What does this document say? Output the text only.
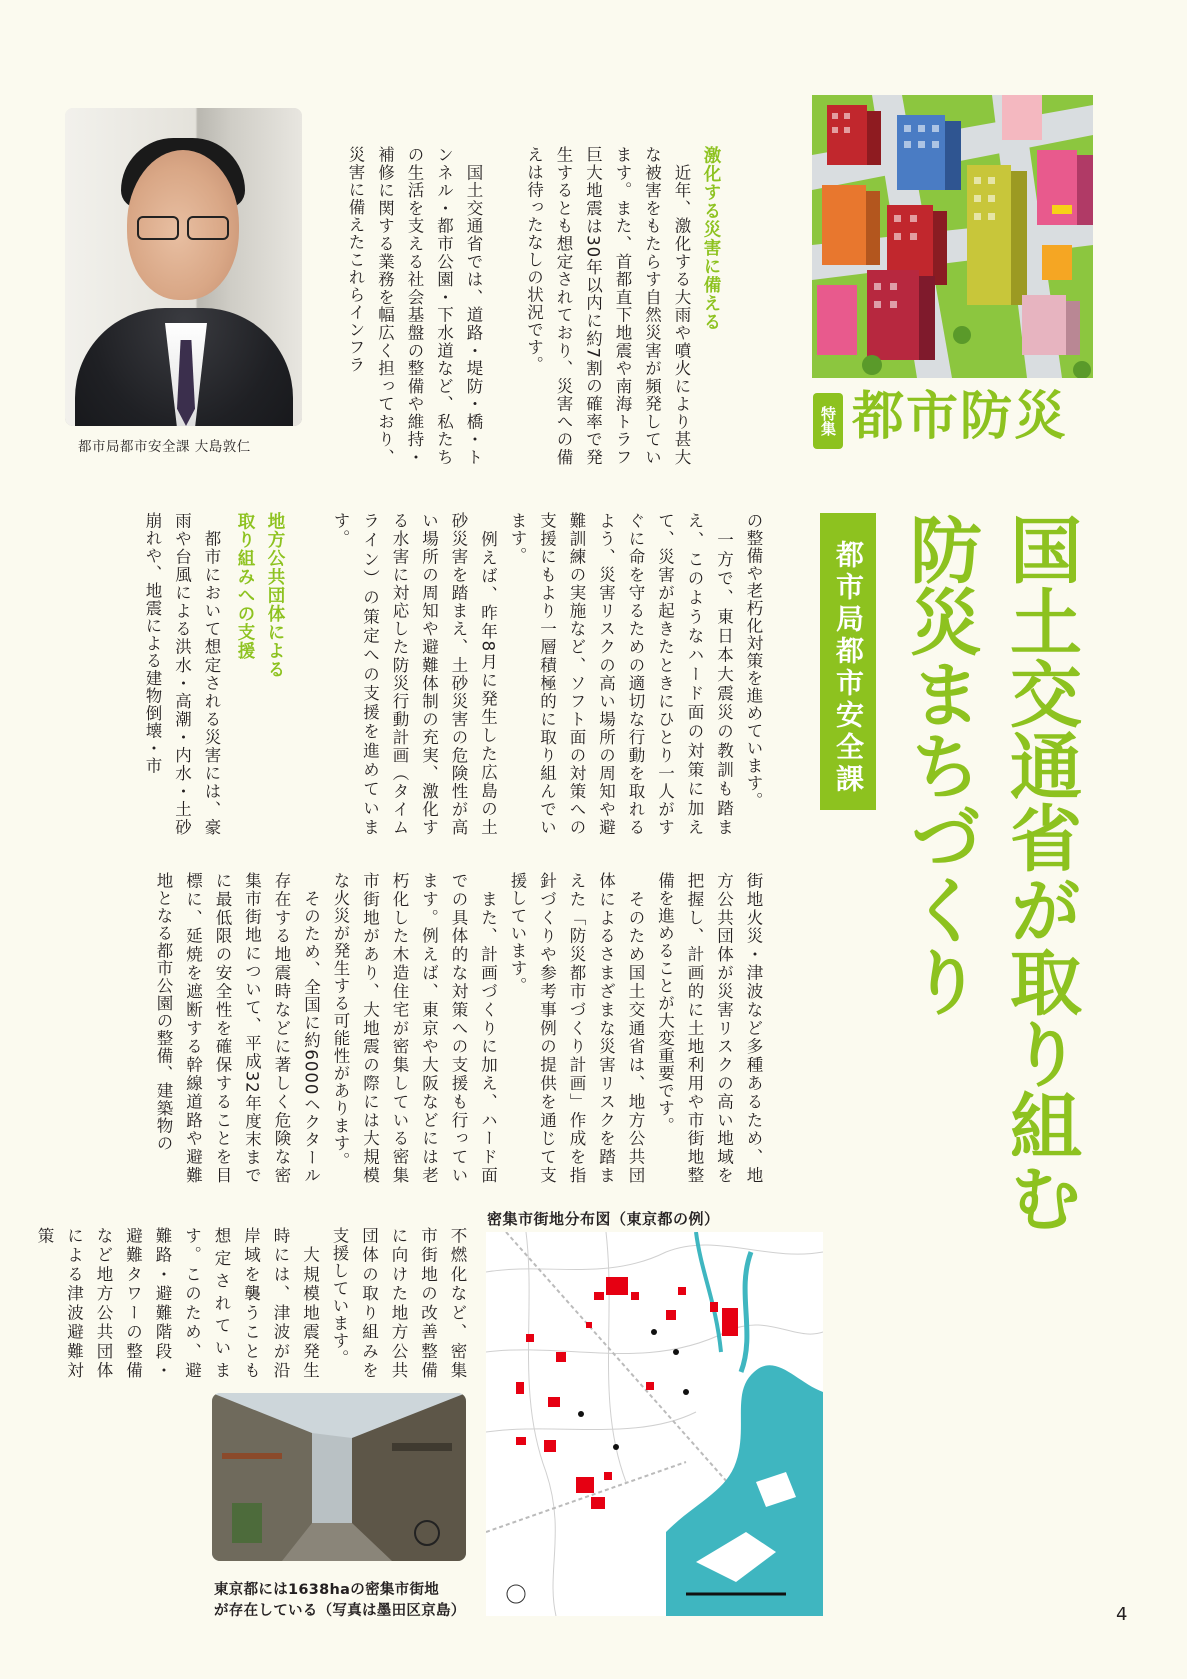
都市局都市安全課 大島敦仁
特集 都市防災
国土交通省が取り組む
防災まちづくり
都市局都市安全課
激化する災害に備える
　近年、激化する大雨や噴火により甚大な被害をもたらす自然災害が頻発しています。また、首都直下地震や南海トラフ巨大地震は30年以内に約7割の確率で発生するとも想定されており、災害への備えは待ったなしの状況です。
　国土交通省では、道路・堤防・橋・トンネル・都市公園・下水道など、私たちの生活を支える社会基盤の整備や維持・補修に関する業務を幅広く担っており、災害に備えたこれらインフラ
の整備や老朽化対策を進めています。
　一方で、東日本大震災の教訓も踏まえ、このようなハード面の対策に加えて、災害が起きたときにひとり一人がすぐに命を守るための適切な行動を取れるよう、災害リスクの高い場所の周知や避難訓練の実施など、ソフト面の対策への支援にもより一層積極的に取り組んでいます。
　例えば、昨年8月に発生した広島の土砂災害を踏まえ、土砂災害の危険性が高い場所の周知や避難体制の充実、激化する水害に対応した防災行動計画（タイムライン）の策定への支援を進めています。
地方公共団体による
取り組みへの支援
　都市において想定される災害には、豪雨や台風による洪水・高潮・内水・土砂崩れや、地震による建物倒壊・市
街地火災・津波など多種あるため、地方公共団体が災害リスクの高い地域を把握し、計画的に土地利用や市街地整備を進めることが大変重要です。
　そのため国土交通省は、地方公共団体によるさまざまな災害リスクを踏まえた「防災都市づくり計画」作成を指針づくりや参考事例の提供を通じて支援しています。
　また、計画づくりに加え、ハード面での具体的な対策への支援も行っています。例えば、東京や大阪などには老朽化した木造住宅が密集している密集市街地があり、大地震の際には大規模な火災が発生する可能性があります。
　そのため、全国に約6000ヘクタール存在する地震時などに著しく危険な密集市街地について、平成32年度末までに最低限の安全性を確保することを目標に、延焼を遮断する幹線道路や避難地となる都市公園の整備、建築物の
不燃化など、密集市街地の改善整備に向けた地方公共団体の取り組みを支援しています。
　大規模地震発生時には、津波が沿岸域を襲うことも想定されています。このため、避難路・避難階段・避難タワーの整備など地方公共団体による津波避難対策
密集市街地分布図（東京都の例）
東京都には1638haの密集市街地
が存在している（写真は墨田区京島）	4
